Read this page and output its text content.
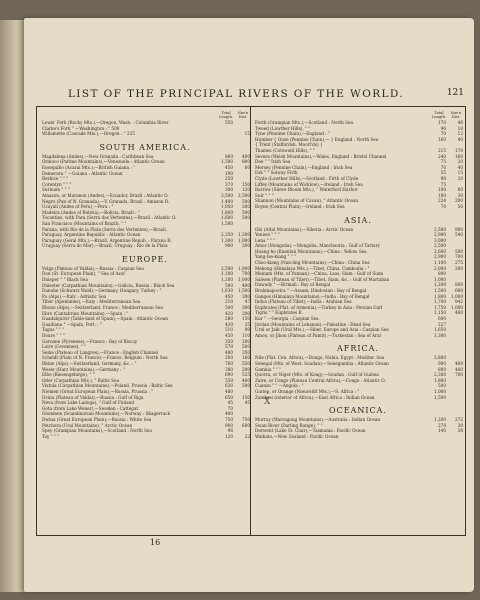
LIST OF THE PRINCIPAL RIVERS OF THE WORLD.	121
Total Length.
Nav'n Dist.
Lewis' Fork (Rocky Mts.),—Oregon, Wash. : Columbia River	550
Clarke's Fork " —Washington : " 500
Willamette (Cascade Mts.),—Oregon : " 225	15
SOUTH AMERICA.
Magdalena (Andes),—New Granada : Caribbean Sea	860	400
Orinoco (Parime Mountains),—Venezuela : Atlantic Ocean	1,500	800
Essequibo (Acarai Mts.),—British Guiana : "	450	60
Demerara " —Guiana : Atlantic Ocean	190
Berbice " " "	250
Corentyn " " "	370	150
Surinam " " "	300	120
Amazon, or Maranon (Andes),—Ecuador, Brazil : Atlantic O.	3,500	2,500
Negro (Pan of N. Granada),—V. Granada, Brazil : Amazon R.	1,400	500
Ucayali (Andes of Peru),—Peru : "	1,050	200
Madeira (Andes of Bolivia),—Bolivia, Brazil : "	1,800	500
Tocantins, with Para (Serra dos Vertentes),—Brazil : Atlantic O.	1,600	500
San Francisco (Mountains of Brazil), " "	1,500
Parana, with Rio de la Plata (Serra dos Vertentes),—Brazil,
Paraguay, Argentine Republic : Atlantic Ocean	2,350	1,200
Paraguay (Geral Mts.),—Brazil, Argentine Repub. : Parana R.	1,300	1,000
Uruguay (Serra do Mar),—Brazil, Uruguay : Rio de la Plata	900	200
EUROPE.
Volga (Plateau of Valdai),—Russia : Caspian Sea	2,500	1,900
Don (St. European Plain), " Sea of Azof	1,100	700
Dnieper " " Black Sea	1,200	1,000
Dniester (Carpathian Mountains),—Galicia, Russia : Black Sea	500	400
Danube (Schwarz Wald),—Germany, Hungary, Turkey : "	1,630	1,500
Po (Alps),—Italy : Adriatic Sea	450	300
Tiber (Apennines),—Italy : Mediterranean Sea	210	47
Rhone (Alps),—Switzerland, France : Mediterranean Sea	500	300
Ebro (Cantabrian Mountains),—Spain : "	420	200
Guadalquivir (Table-land of Spain),—Spain : Atlantic Ocean	280	150
Guadiana " —Spain, Port. : "	420	35
Tagus " " "	510	90
Douro " " "	450	110
Garonne (Pyrenees),—France : Bay of Biscay	350	200
Loire (Cevennes), " "	570	500
Seine (Plateau of Langres),—France : English Channel	480	350
Scheldt (Plain of N. France),—France, Belgium : North Sea	200	160
Rhine (Alps),—Switzerland, Germany, &c. : "	760	550
Weser (Harz Mountains),—Germany : "	380	200
Elbe (Riesengebirge), " "	690	525
Oder (Carpathian Mts.), " Baltic Sea	550	400
Vistula (Carpathian Mountains),—Poland, Prussia : Baltic Sea	630	500
Niemen (Great European Plain),—Russia, Prussia : "	480
Dvina (Plateau of Valdai),—Russia : Gulf of Riga	650	150
Neva (from Lake Ladoga), " Gulf of Finland	45	45
Gota (from Lake Wener),—Sweden : Cattegat	70
Glommen (Scandinavian Mountains),—Norway : Skagerrack	400
Dwina (Great European Plain),—Russia : White Sea	750	750
Petchora (Ural Mountains), " Arctic Ocean	900	600
Spey (Grampian Mountains),—Scotland : North Sea	96
Tay " " "	120	22
Total Length.
Nav'n Dist.
Forth (Grampian Mts.),—Scotland : North Sea	170	46
Tweed (Lowther Hills), " "	96	10
Tyne (Pennine Chain),—England : "	70	12
Humber { Ouse (Pennine Chain),— } England : North Sea	160	40
{ Trent (Staffordsh. Moorl'ds) }
Thames (Cotswold Hills), " "	215	170
Severn (Welsh Mountains),—Wales, England : Bristol Channel	240	160
Dee " " Irish Sea	75	20
Mersey (Pennine Chain),—England : Irish Sea	70	40
Esk " " Solway Firth	55	15
Clyde (Lowther Hills),—Scotland : Firth of Clyde	98	20
Liffey (Mountains of Wicklow),—Ireland : Irish Sea	75
Barrow (Slieve Bloom Mts.), " Waterford Harbor	100	60
Suir " " "	100	30
Shannon (Mountains of Cavan), " Atlantic Ocean	224	200
Boyne (Central Plain),—Ireland : Irish Sea	70	50
ASIA.
Obi (Altai Mountains),—Siberia : Arctic Ocean	2,500	900
Yenisei " " "	2,900	540
Lena " " "	3,000
Amur (Mongolia),—Mongolia, Manchooria : Gulf of Tartary	2,500
Hoang-ho (Kuenlun Mountains),—China : Yellow Sea	2,600	500
Yang-tse-kiang " " "	2,900	700
Choo-kiang (Nan-ling Mountains),—China : China Sea	1,100	275
Mekong (Himalaya Mts.),—Tibet, China, Cambodia : "	2,000	200
Meinam (Mts. of Yunnan),—China, Laos, Siam : Gulf of Siam	800
Salwen (Plateau of Tibet),—Tibet, Siam, &c. : Gulf of Martaban	1,000
Irawady " —Birmah : Bay of Bengal	1,200	800
Brahmapootra " —Assam, Hindostan : Bay of Bengal	1,500	600
Ganges (Himalaya Mountains),—India : Bay of Bengal	1,800	1,000
Indus (Plateau of Tibet),—India : Arabian Sea	1,700	942
Euphrates (Plat. of Armenia),—Turkey in Asia : Persian Gulf	1,750	1,000
Tigris " " Euphrates R.	1,150	460
Kur " —Georgia : Caspian Sea	600
Jordan (Mountains of Lebanon),—Palestine : Dead Sea	227
Ural or Jaik (Ural Mts.),—Siber. Europe and Asia : Caspian Sea	1,650
Amou, or Jihon (Plateau of Pamir),—Turkestan : Sea of Aral	1,300
AFRICA.
Nile (Plat. Cen. Africa),—Dongo, Nubia, Egypt : Mediter. Sea	3,800
Senegal (Mts. of West. Soudan),—Senegambia : Atlantic Ocean	900	400
Gambia " " "	800	400
Quorra, or Niger (Mts. of Kong),—Soudan : Gulf of Guinea	2,300	700
Zaire, or Congo (Plateau Central Africa),—Congo : Atlantic O.	1,800
Cuanza " " —Angola : "	500
Gariep, or Orange (Nieuveldt Mts.),—S. Africa : "	1,000
Zambesi (interior of Africa),—East Africa : Indian Ocean	1,500
OCEANICA.
Murray (Warragong Mountains),—Australia : Indian Ocean	1,200	272
Swan River (Darling Range), " "	270	30
Derwent (Lake St. Clair),—Tasmania : Pacific Ocean	140	38
Waikato,—New Zealand : Pacific Ocean
X
16
